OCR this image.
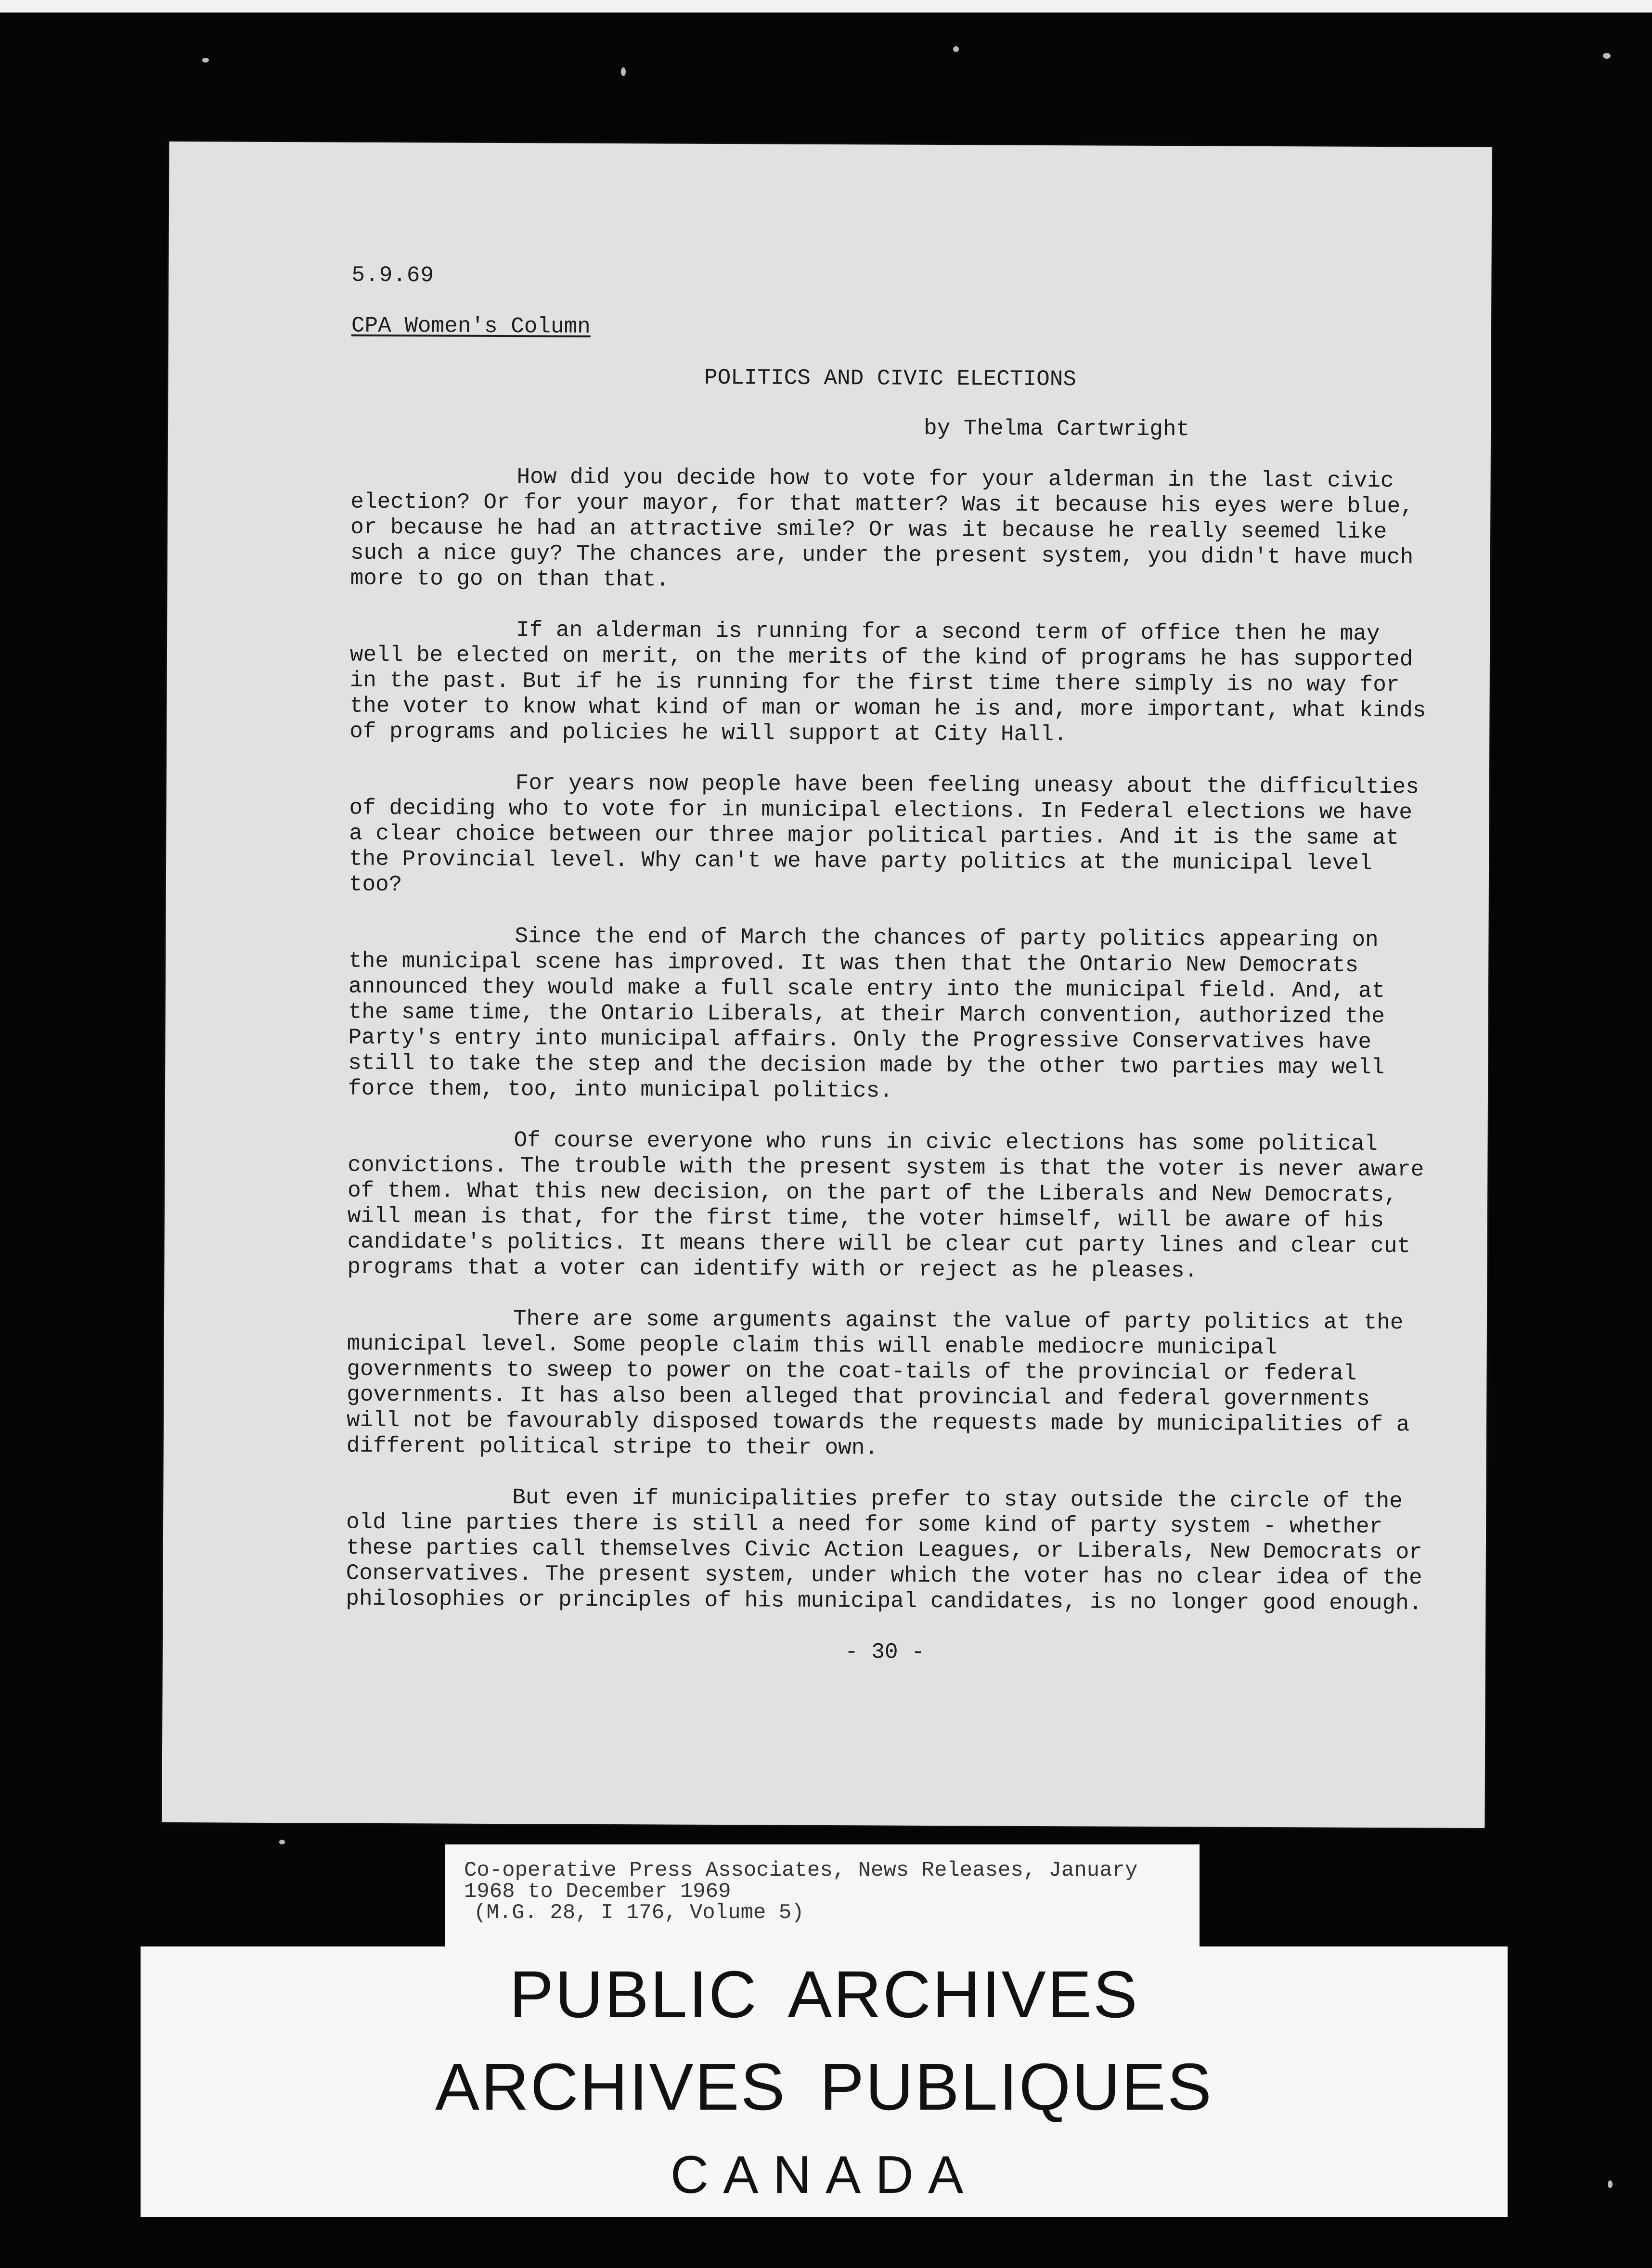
5.9.69
CPA Women's Column
POLITICS AND CIVIC ELECTIONS
by Thelma Cartwright

How did you decide how to vote for your alderman in the last civic election? Or for your mayor, for that matter? Was it because his eyes were blue, or because he had an attractive smile? Or was it because he really seemed like such a nice guy? The chances are, under the present system, you didn't have much more to go on than that.

If an alderman is running for a second term of office then he may well be elected on merit, on the merits of the kind of programs he has supported in the past. But if he is running for the first time there simply is no way for the voter to know what kind of man or woman he is and, more important, what kinds of programs and policies he will support at City Hall.

For years now people have been feeling uneasy about the difficulties of deciding who to vote for in municipal elections. In Federal elections we have a clear choice between our three major political parties. And it is the same at the Provincial level. Why can't we have party politics at the municipal level too?

Since the end of March the chances of party politics appearing on the municipal scene has improved. It was then that the Ontario New Democrats announced they would make a full scale entry into the municipal field. And, at the same time, the Ontario Liberals, at their March convention, authorized the Party's entry into municipal affairs. Only the Progressive Conservatives have still to take the step and the decision made by the other two parties may well force them, too, into municipal politics.

Of course everyone who runs in civic elections has some political convictions. The trouble with the present system is that the voter is never aware of them. What this new decision, on the part of the Liberals and New Democrats, will mean is that, for the first time, the voter himself, will be aware of his candidate's politics. It means there will be clear cut party lines and clear cut programs that a voter can identify with or reject as he pleases.

There are some arguments against the value of party politics at the municipal level. Some people claim this will enable mediocre municipal governments to sweep to power on the coat-tails of the provincial or federal governments. It has also been alleged that provincial and federal governments will not be favourably disposed towards the requests made by municipalities of a different political stripe to their own.

But even if municipalities prefer to stay outside the circle of the old line parties there is still a need for some kind of party system - whether these parties call themselves Civic Action Leagues, or Liberals, New Democrats or Conservatives. The present system, under which the voter has no clear idea of the philosophies or principles of his municipal candidates, is no longer good enough.

- 30 -
Co-operative Press Associates, News Releases, January
1968 to December 1969
(M.G. 28, I 176, Volume 5)
PUBLIC ARCHIVES
ARCHIVES PUBLIQUES
CANADA
